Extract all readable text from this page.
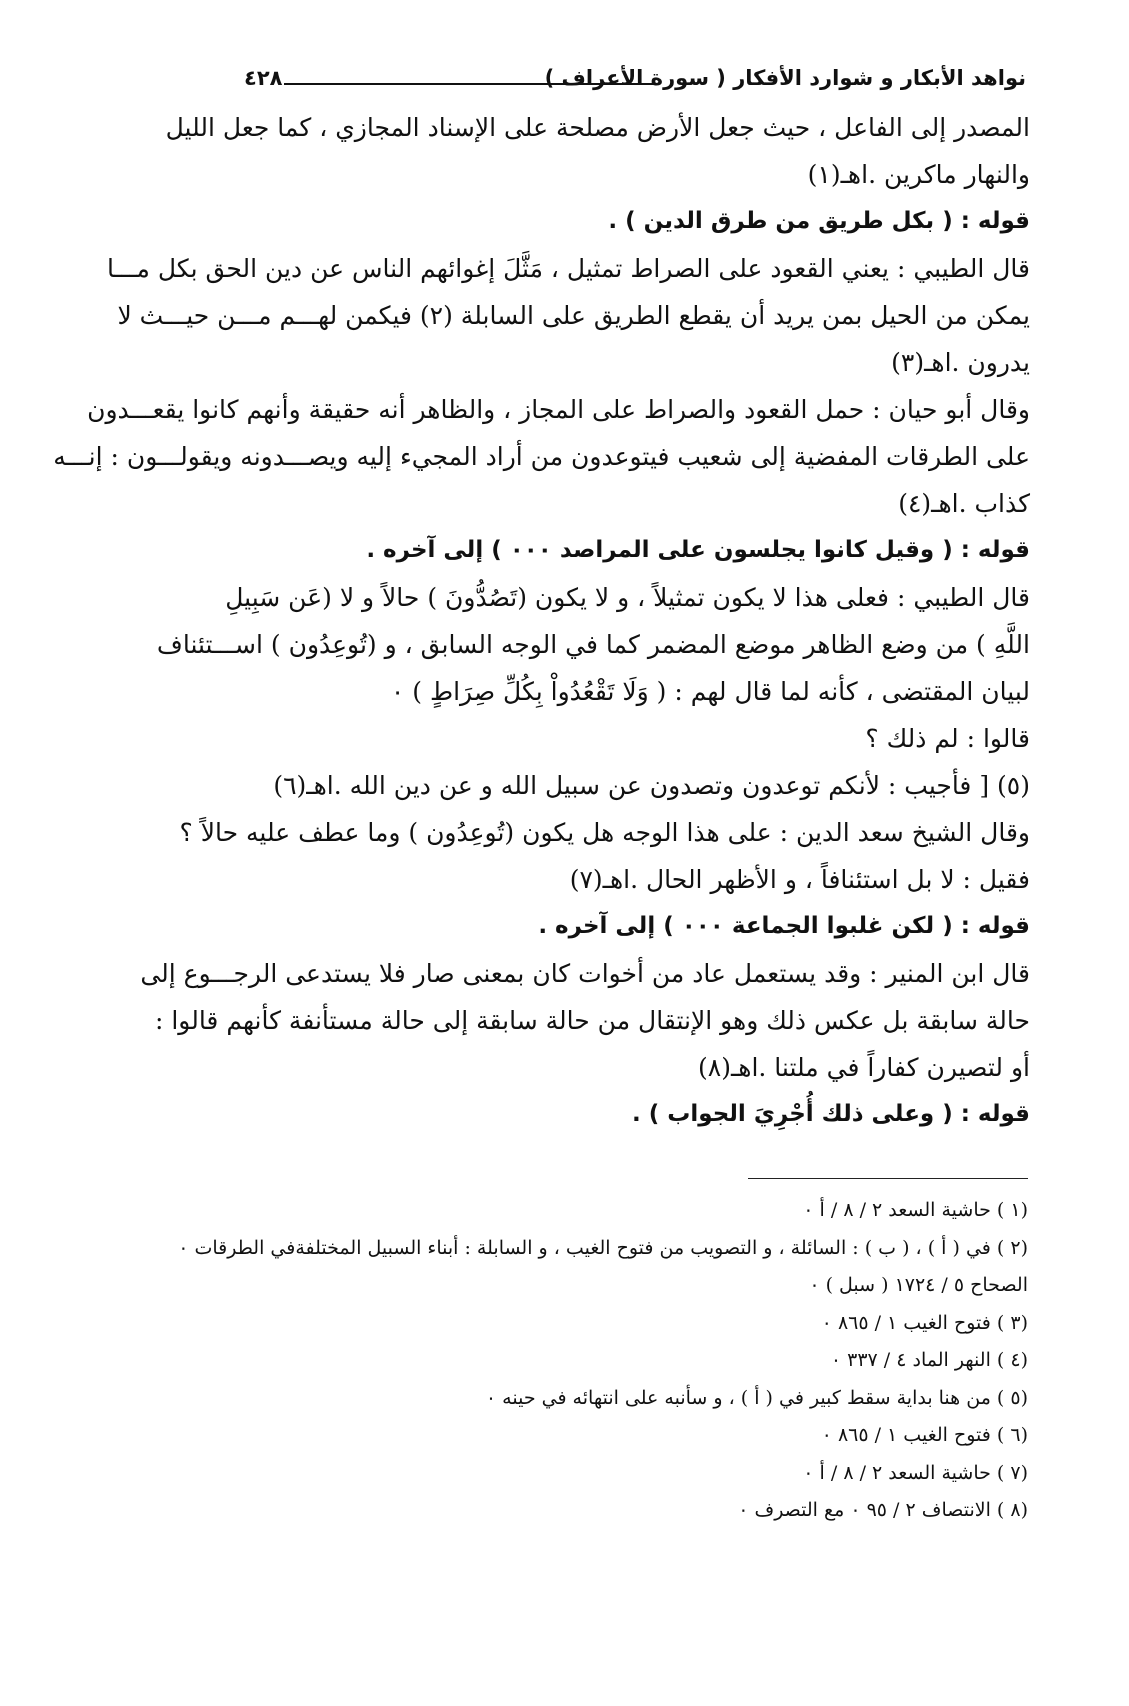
نواهد الأبكار و شوارد الأفكار ( سورة الأعراف )
٤٢٨
المصدر إلى الفاعل ، حيث جعل الأرض مصلحة على الإسناد المجازي ، كما جعل الليل
والنهار ماكرين .اهـ(١)
قوله : ( بكل طريق من طرق الدين ) .
قال الطيبي : يعني القعود على الصراط تمثيل ، مَثَّلَ إغوائهم الناس عن دين الحق بكل مـــا
يمكن من الحيل بمن يريد أن يقطع الطريق على السابلة (٢) فيكمن لهـــم مـــن حيـــث لا
يدرون .اهـ(٣)
وقال أبو حيان : حمل القعود والصراط على المجاز ، والظاهر أنه حقيقة وأنهم كانوا يقعـــدون
على الطرقات المفضية إلى شعيب فيتوعدون من أراد المجيء إليه ويصـــدونه ويقولـــون : إنـــه
كذاب .اهـ(٤)
قوله : ( وقيل كانوا يجلسون على المراصد ٠٠٠ ) إلى آخره .
قال الطيبي : فعلى هذا لا يكون تمثيلاً ، و لا يكون (تَصُدُّونَ ) حالاً و لا (عَن سَبِيلِ
اللَّهِ ) من وضع الظاهر موضع المضمر كما في الوجه السابق ، و (تُوعِدُون ) اســـتئناف
لبيان المقتضى ، كأنه لما قال لهم : ( وَلَا تَقْعُدُواْ بِكُلِّ صِرَاطٍ ) ٠
قالوا : لم ذلك ؟
(٥) [ فأجيب : لأنكم توعدون وتصدون عن سبيل الله و عن دين الله .اهـ(٦)
وقال الشيخ سعد الدين : على هذا الوجه هل يكون (تُوعِدُون ) وما عطف عليه حالاً ؟
فقيل : لا بل استئنافاً ، و الأظهر الحال .اهـ(٧)
قوله : ( لكن غلبوا الجماعة ٠٠٠ ) إلى آخره .
قال ابن المنير : وقد يستعمل عاد من أخوات كان بمعنى صار فلا يستدعى الرجـــوع إلى
حالة سابقة بل عكس ذلك وهو الإنتقال من حالة سابقة إلى حالة مستأنفة كأنهم قالوا :
أو لتصيرن كفاراً في ملتنا .اهـ(٨)
قوله : ( وعلى ذلك أُجْرِيَ الجواب ) .
(١ ) حاشية السعد ٢ / ٨ / أ ٠
(٢ ) في ( أ ) ، ( ب ) : السائلة ، و التصويب من فتوح الغيب ، و السابلة : أبناء السبيل المختلفةفي الطرقات ٠
الصحاح ٥ / ١٧٢٤ ( سبل ) ٠
(٣ ) فتوح الغيب ١ / ٨٦٥ ٠
(٤ ) النهر الماد ٤ / ٣٣٧ ٠
(٥ ) من هنا بداية سقط كبير في ( أ ) ، و سأنبه على انتهائه في حينه ٠
(٦ ) فتوح الغيب ١ / ٨٦٥ ٠
(٧ ) حاشية السعد ٢ / ٨ / أ ٠
(٨ ) الانتصاف ٢ / ٩٥ ٠ مع التصرف ٠
